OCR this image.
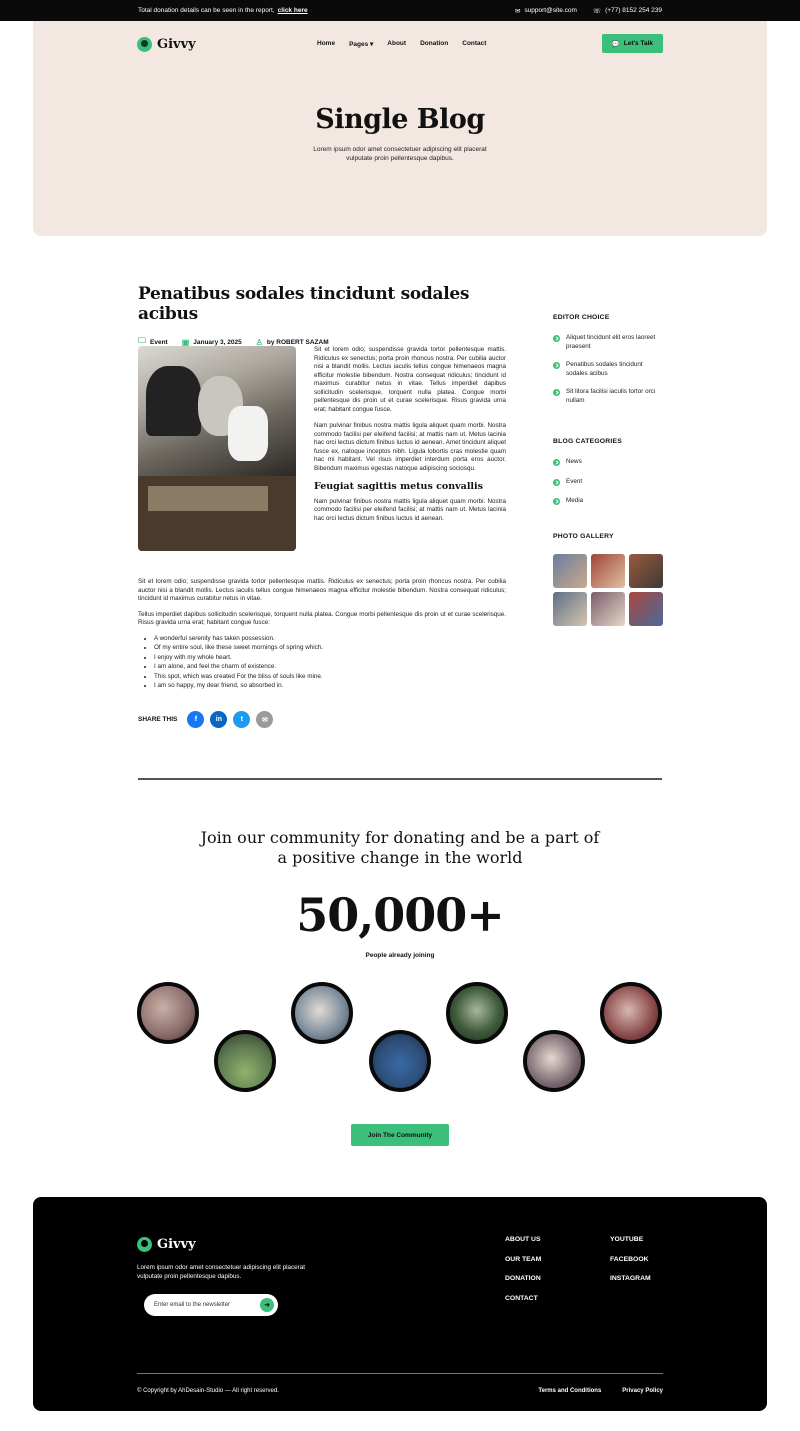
Total donation details can be seen in the report, click here	✉ support@site.com ☏ (+77) 8152 254 239
Givvy	Home Pages ▾ About Donation Contact	💬 Let's Talk
Single Blog

Lorem ipsum odor amet consectetuer adipiscing elit placerat vulputate proin pellentesque dapibus.

Penatibus sodales tincidunt sodales acibus
🗀 Event ▣ January 3, 2025 ♙ by ROBERT SAZAM

Sit et lorem odio; suspendisse gravida tortor pellentesque mattis. Ridiculus ex senectus; porta proin rhoncus nostra. Per cubilia auctor nisi a blandit mollis. Lectus iaculis tellus congue himenaeos magna efficitur molestie bibendum. Nostra consequat ridiculus; tincidunt id maximus curabitur netus in vitae. Tellus imperdiet dapibus sollicitudin scelerisque, torquent nulla platea. Congue morbi pellentesque dis proin ut et curae scelerisque. Risus gravida urna erat; habitant congue fusce.

Nam pulvinar finibus nostra mattis ligula aliquet quam morbi. Nostra commodo facilisi per eleifend facilisi; at mattis nam ut. Metus lacinia hac orci lectus dictum finibus luctus id aenean. Amet tincidunt aliquet fusce ex, natoque inceptos nibh. Ligula lobortis cras molestie quam hac mi habitant. Vel risus imperdiet interdum porta eros auctor. Bibendum maximus egestas natoque adipiscing sociosqu.

Feugiat sagittis metus convallis

Nam pulvinar finibus nostra mattis ligula aliquet quam morbi. Nostra commodo facilisi per eleifend facilisi; at mattis nam ut. Metus lacinia hac orci lectus dictum finibus luctus id aenean.

Sit et lorem odio; suspendisse gravida tortor pellentesque mattis. Ridiculus ex senectus; porta proin rhoncus nostra. Per cubilia auctor nisi a blandit mollis. Lectus iaculis tellus congue himenaeos magna efficitur molestie bibendum. Nostra consequat ridiculus; tincidunt id maximus curabitur netus in vitae.

Tellus imperdiet dapibus sollicitudin scelerisque, torquent nulla platea. Congue morbi pellentesque dis proin ut et curae scelerisque. Risus gravida urna erat; habitant congue fusce:

• A wonderful serenity has taken possession.
• Of my entire soul, like these sweet mornings of spring which.
• I enjoy with my whole heart.
• I am alone, and feel the charm of existence.
• This spot, which was created For the bliss of souls like mine.
• I am so happy, my dear friend, so absorbed in.
SHARE THIS	f	in	t	✉
EDITOR CHOICE
Aliquet tincidunt elit eros laoreet praesent
Penatibus sodales tincidunt sodales acibus
Sit litora facilisi iaculis tortor orci nullam
BLOG CATEGORIES
News
Event
Media
PHOTO GALLERY
Join our community for donating and be a part of
a positive change in the world
50,000+
People already joining
Join The Community
Givvy
Lorem ipsum odor amet consectetuer adipiscing elit placerat vulputate proin pellentesque dapibus.
Enter email to the newsletter	➜
ABOUT US
OUR TEAM
DONATION
CONTACT
YOUTUBE
FACEBOOK
INSTAGRAM
© Copyright by AhDesain-Studio — All right reserved.	Terms and Conditions	Privacy Policy
